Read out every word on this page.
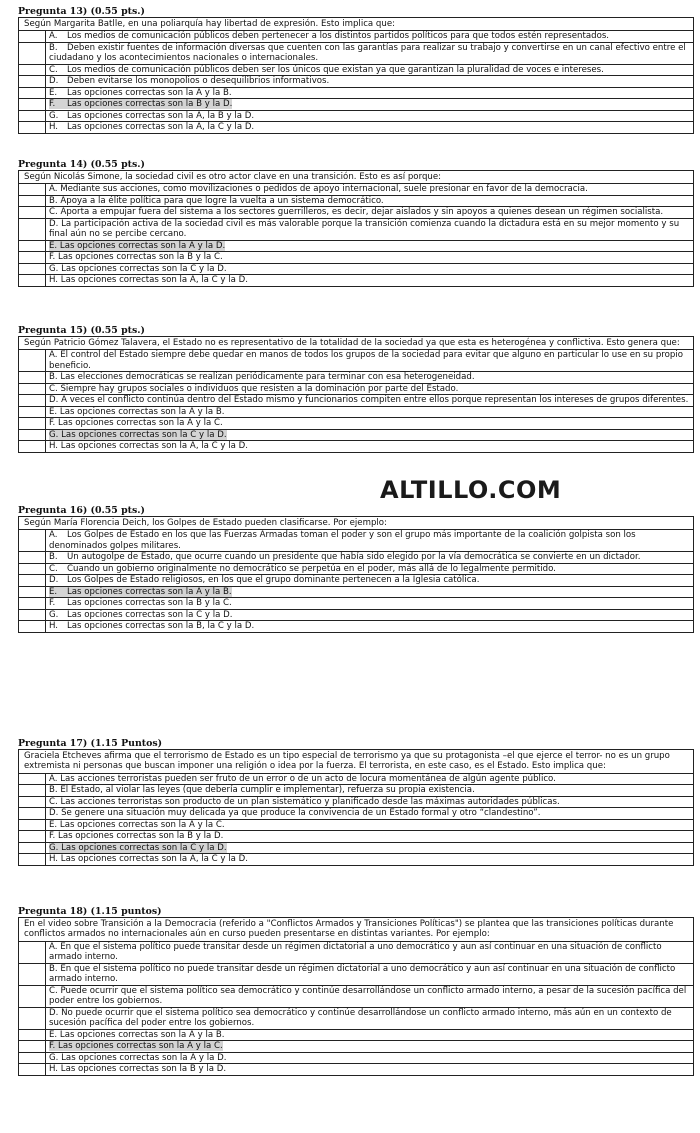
Pregunta 13) (0.55 pts.)
Según Margarita Batlle, en una poliarquía hay libertad de expresión. Esto implica que:
A. Los medios de comunicación públicos deben pertenecer a los distintos partidos políticos para que todos estén representados.
B. Deben existir fuentes de información diversas que cuenten con las garantías para realizar su trabajo y convertirse en un canal efectivo entre el ciudadano y los acontecimientos nacionales o internacionales.
C. Los medios de comunicación públicos deben ser los únicos que existan ya que garantizan la pluralidad de voces e intereses.
D. Deben evitarse los monopolios o desequilibrios informativos.
E. Las opciones correctas son la A y la B.
F. Las opciones correctas son la B y la D.
G. Las opciones correctas son la A, la B y la D.
H. Las opciones correctas son la A, la C y la D.
Pregunta 14) (0.55 pts.)
Según Nicolás Simone, la sociedad civil es otro actor clave en una transición. Esto es así porque:
A. Mediante sus acciones, como movilizaciones o pedidos de apoyo internacional, suele presionar en favor de la democracia.
B. Apoya a la élite política para que logre la vuelta a un sistema democrático.
C. Aporta a empujar fuera del sistema a los sectores guerrilleros, es decir, dejar aislados y sin apoyos a quienes desean un régimen socialista.
D. La participación activa de la sociedad civil es más valorable porque la transición comienza cuando la dictadura está en su mejor momento y su final aún no se percibe cercano.
E. Las opciones correctas son la A y la D.
F. Las opciones correctas son la B y la C.
G. Las opciones correctas son la C y la D.
H. Las opciones correctas son la A, la C y la D.
Pregunta 15) (0.55 pts.)
Según Patricio Gómez Talavera, el Estado no es representativo de la totalidad de la sociedad ya que esta es heterogénea y conflictiva. Esto genera que:
A. El control del Estado siempre debe quedar en manos de todos los grupos de la sociedad para evitar que alguno en particular lo use en su propio beneficio.
B. Las elecciones democráticas se realizan periódicamente para terminar con esa heterogeneidad.
C. Siempre hay grupos sociales o individuos que resisten a la dominación por parte del Estado.
D. A veces el conflicto continúa dentro del Estado mismo y funcionarios compiten entre ellos porque representan los intereses de grupos diferentes.
E. Las opciones correctas son la A y la B.
F. Las opciones correctas son la A y la C.
G. Las opciones correctas son la C y la D.
H. Las opciones correctas son la A, la C y la D.
ALTILLO.COM
Pregunta 16) (0.55 pts.)
Según María Florencia Deich, los Golpes de Estado pueden clasificarse. Por ejemplo:
A. Los Golpes de Estado en los que las Fuerzas Armadas toman el poder y son el grupo más importante de la coalición golpista son los denominados golpes militares.
B. Un autogolpe de Estado, que ocurre cuando un presidente que había sido elegido por la vía democrática se convierte en un dictador.
C. Cuando un gobierno originalmente no democrático se perpetúa en el poder, más allá de lo legalmente permitido.
D. Los Golpes de Estado religiosos, en los que el grupo dominante pertenecen a la Iglesia católica.
E. Las opciones correctas son la A y la B.
F. Las opciones correctas son la B y la C.
G. Las opciones correctas son la C y la D.
H. Las opciones correctas son la B, la C y la D.
Pregunta 17) (1.15 Puntos)
Graciela Etcheves afirma que el terrorismo de Estado es un tipo especial de terrorismo ya que su protagonista –el que ejerce el terror- no es un grupo extremista ni personas que buscan imponer una religión o idea por la fuerza. El terrorista, en este caso, es el Estado. Esto implica que:
A. Las acciones terroristas pueden ser fruto de un error o de un acto de locura momentánea de algún agente público.
B. El Estado, al violar las leyes (que debería cumplir e implementar), refuerza su propia existencia.
C. Las acciones terroristas son producto de un plan sistemático y planificado desde las máximas autoridades públicas.
D. Se genere una situación muy delicada ya que produce la convivencia de un Estado formal y otro “clandestino”.
E. Las opciones correctas son la A y la C.
F. Las opciones correctas son la B y la D.
G. Las opciones correctas son la C y la D.
H. Las opciones correctas son la A, la C y la D.
Pregunta 18) (1.15 puntos)
En el video sobre Transición a la Democracia (referido a "Conflictos Armados y Transiciones Políticas") se plantea que las transiciones políticas durante conflictos armados no internacionales aún en curso pueden presentarse en distintas variantes. Por ejemplo:
A. En que el sistema político puede transitar desde un régimen dictatorial a uno democrático y aun así continuar en una situación de conflicto armado interno.
B. En que el sistema político no puede transitar desde un régimen dictatorial a uno democrático y aun así continuar en una situación de conflicto armado interno.
C. Puede ocurrir que el sistema político sea democrático y continúe desarrollándose un conflicto armado interno, a pesar de la sucesión pacífica del poder entre los gobiernos.
D. No puede ocurrir que el sistema político sea democrático y continúe desarrollándose un conflicto armado interno, más aún en un contexto de sucesión pacífica del poder entre los gobiernos.
E. Las opciones correctas son la A y la B.
F. Las opciones correctas son la A y la C.
G. Las opciones correctas son la A y la D.
H. Las opciones correctas son la B y la D.
